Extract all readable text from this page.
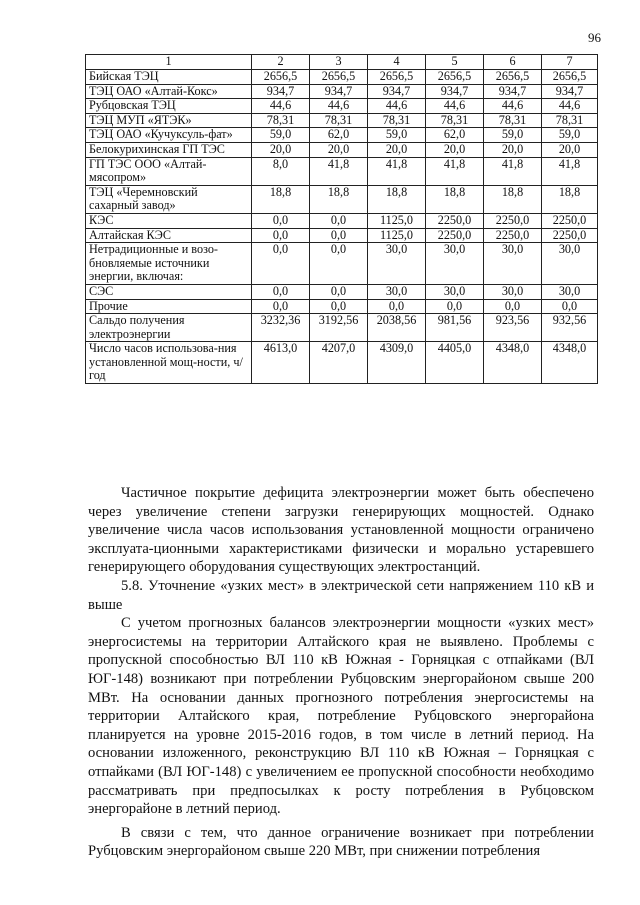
96
1	2	3	4	5	6	7
Бийская ТЭЦ	2656,5	2656,5	2656,5	2656,5	2656,5	2656,5
ТЭЦ ОАО «Алтай-Кокс»	934,7	934,7	934,7	934,7	934,7	934,7
Рубцовская ТЭЦ	44,6	44,6	44,6	44,6	44,6	44,6
ТЭЦ МУП «ЯТЭК»	78,31	78,31	78,31	78,31	78,31	78,31
ТЭЦ ОАО «Кучуксуль-фат»	59,0	62,0	59,0	62,0	59,0	59,0
Белокурихинская ГП ТЭС	20,0	20,0	20,0	20,0	20,0	20,0
ГП ТЭС ООО «Алтай-мясопром»	8,0	41,8	41,8	41,8	41,8	41,8
ТЭЦ «Черемновский сахарный завод»	18,8	18,8	18,8	18,8	18,8	18,8
КЭС	0,0	0,0	1125,0	2250,0	2250,0	2250,0
Алтайская КЭС	0,0	0,0	1125,0	2250,0	2250,0	2250,0
Нетрадиционные и возо-бновляемые источники энергии, включая:	0,0	0,0	30,0	30,0	30,0	30,0
СЭС	0,0	0,0	30,0	30,0	30,0	30,0
Прочие	0,0	0,0	0,0	0,0	0,0	0,0
Сальдо получения электроэнергии	3232,36	3192,56	2038,56	981,56	923,56	932,56
Число часов использова-ния установленной мощ-ности, ч/год	4613,0	4207,0	4309,0	4405,0	4348,0	4348,0

Частичное покрытие дефицита электроэнергии может быть обеспечено через увеличение степени загрузки генерирующих мощностей. Однако увеличение числа часов использования установленной мощности ограничено эксплуата-ционными характеристиками физически и морально устаревшего генерирующего оборудования существующих электростанций.

5.8. Уточнение «узких мест» в электрической сети напряжением 110 кВ и выше

С учетом прогнозных балансов электроэнергии мощности «узких мест» энергосистемы на территории Алтайского края не выявлено. Проблемы с пропускной способностью ВЛ 110 кВ Южная - Горняцкая с отпайками (ВЛ ЮГ-148) возникают при потреблении Рубцовским энергорайоном свыше 200 МВт. На основании данных прогнозного потребления энергосистемы на территории Алтайского края, потребление Рубцовского энергорайона планируется на уровне 2015-2016 годов, в том числе в летний период. На основании изложенного, реконструкцию ВЛ 110 кВ Южная – Горняцкая с отпайками (ВЛ ЮГ-148) с увеличением ее пропускной способности необходимо рассматривать при предпосылках к росту потребления в Рубцовском энергорайоне в летний период.

В связи с тем, что данное ограничение возникает при потреблении Рубцовским энергорайоном свыше 220 МВт, при снижении потребления
